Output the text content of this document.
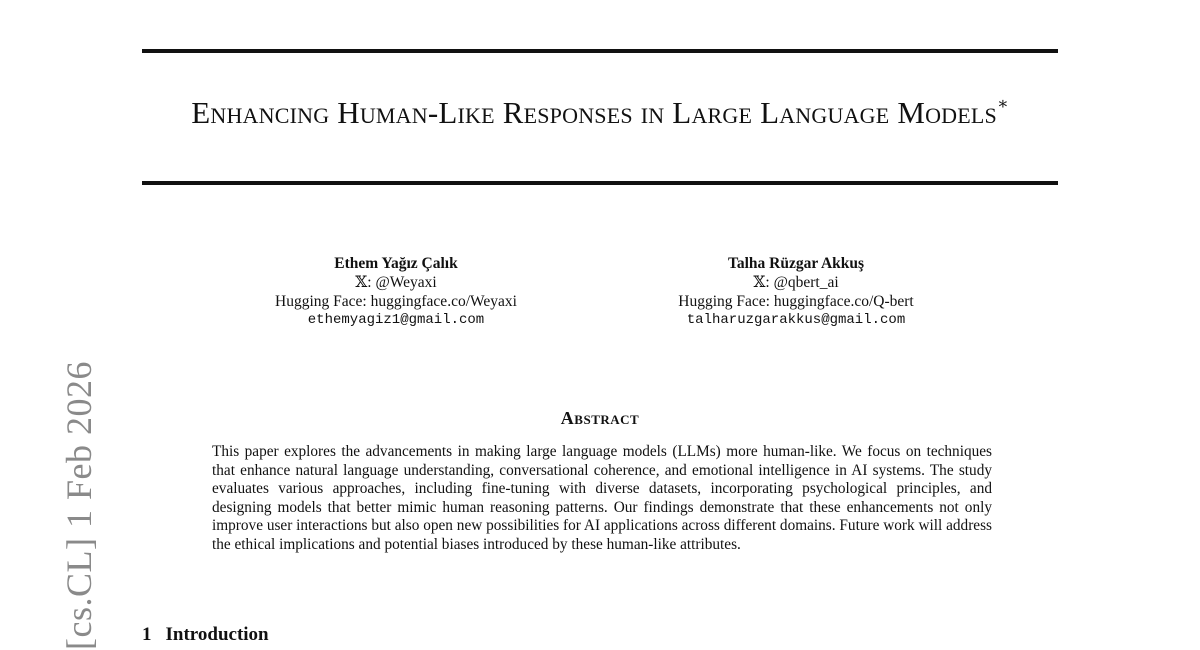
Enhancing Human-Like Responses in Large Language Models∗
Ethem Yağız Çalık
𝕏: @Weyaxi
Hugging Face: huggingface.co/Weyaxi
ethemyagiz1@gmail.com
Talha Rüzgar Akkuş
𝕏: @qbert_ai
Hugging Face: huggingface.co/Q-bert
talharuzgarakkus@gmail.com
Abstract
This paper explores the advancements in making large language models (LLMs) more human-like. We focus on techniques that enhance natural language understanding, conversational coherence, and emotional intelligence in AI systems. The study evaluates various approaches, including fine-tuning with diverse datasets, incorporating psychological principles, and designing models that better mimic human reasoning patterns. Our findings demonstrate that these enhancements not only improve user interactions but also open new possibilities for AI applications across different domains. Future work will address the ethical implications and potential biases introduced by these human-like attributes.
1 Introduction
[cs.CL] 1 Feb 2026
